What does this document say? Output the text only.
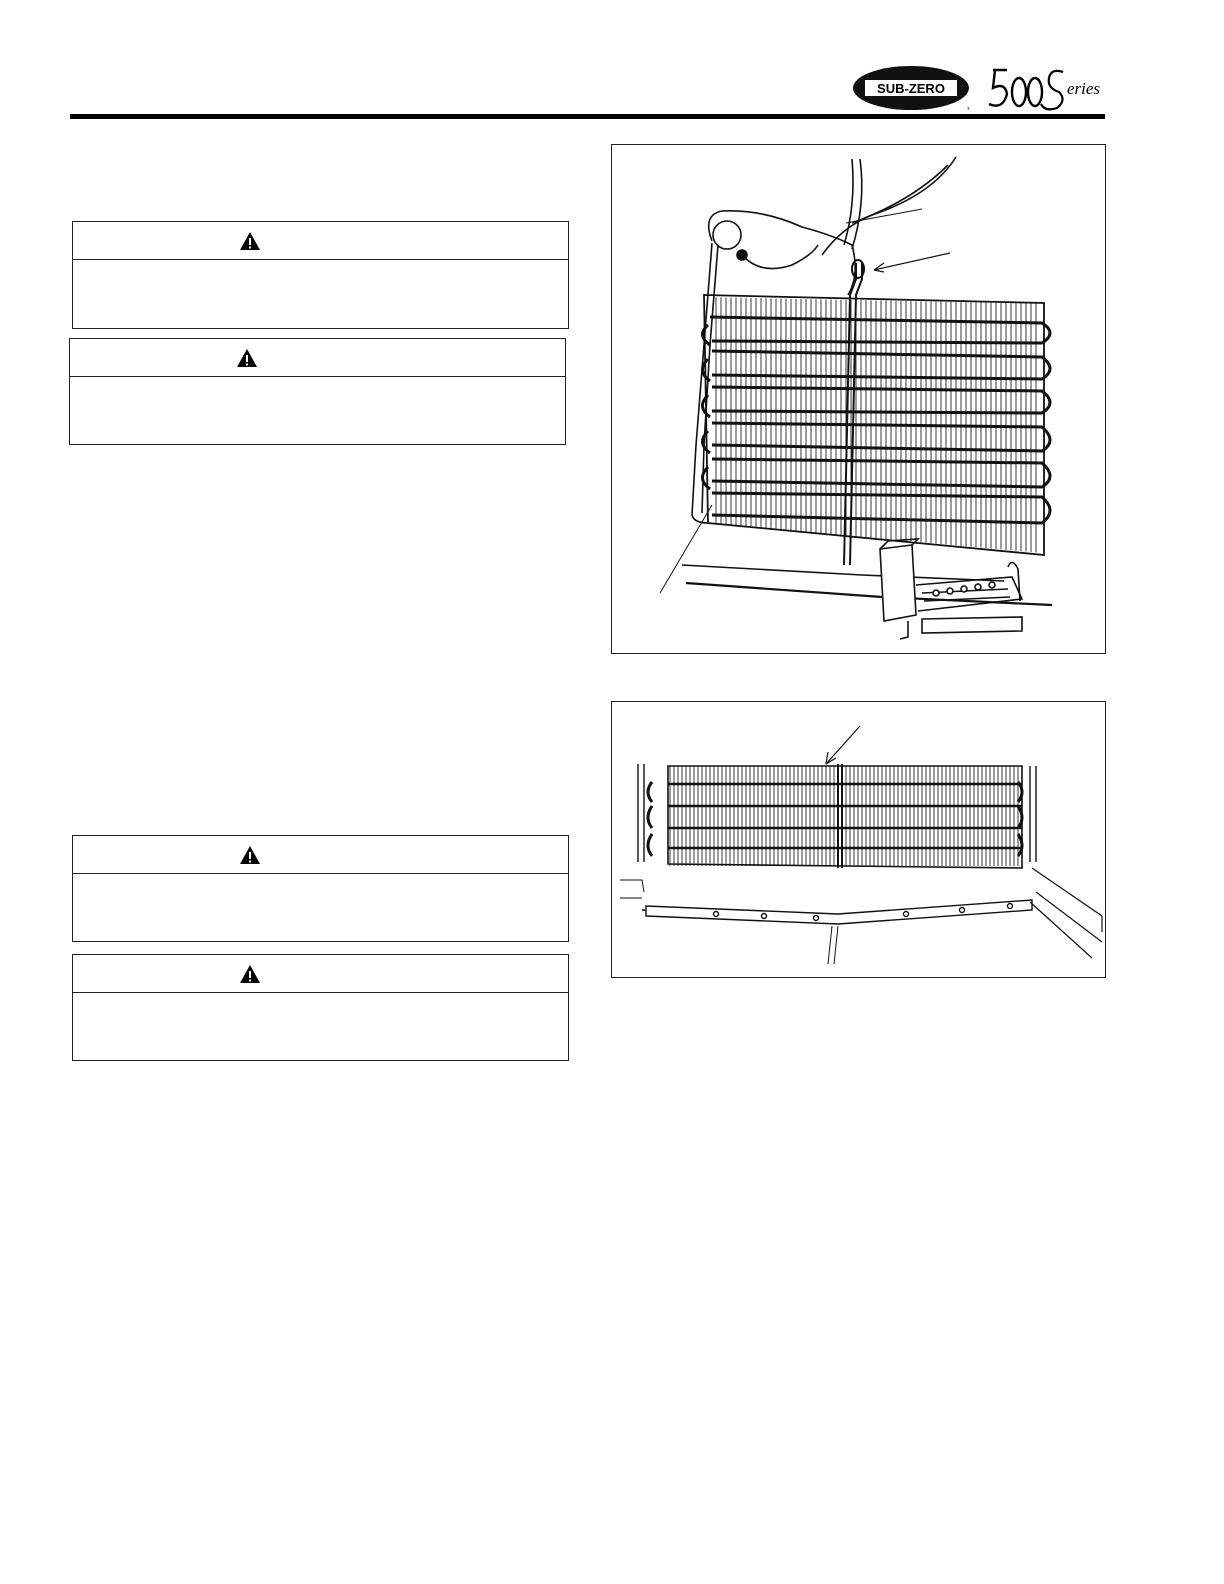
SUB-ZERO
®
eries
